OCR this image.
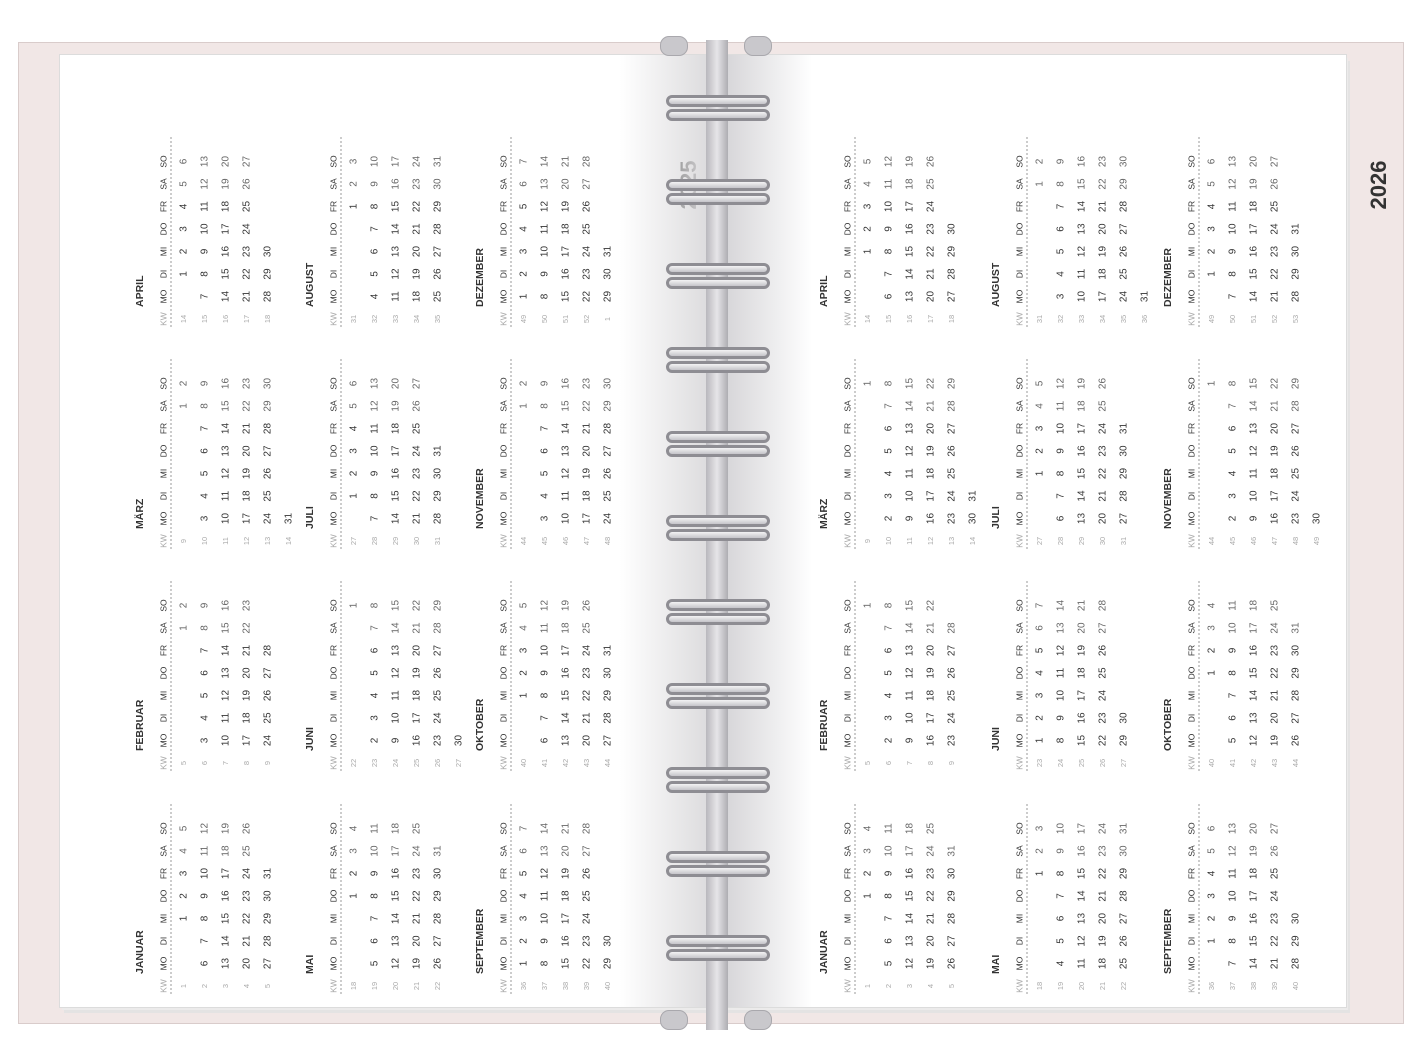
JANUAR
KW
MO
DI
MI
DO
FR
SA
SO
1
1
2
3
4
5
2
6
7
8
9
10
11
12
3
13
14
15
16
17
18
19
4
20
21
22
23
24
25
26
5
27
28
29
30
31
FEBRUAR
KW
MO
DI
MI
DO
FR
SA
SO
5
1
2
6
3
4
5
6
7
8
9
7
10
11
12
13
14
15
16
8
17
18
19
20
21
22
23
9
24
25
26
27
28
MÄRZ
KW
MO
DI
MI
DO
FR
SA
SO
9
1
2
10
3
4
5
6
7
8
9
11
10
11
12
13
14
15
16
12
17
18
19
20
21
22
23
13
24
25
26
27
28
29
30
14
31
APRIL
KW
MO
DI
MI
DO
FR
SA
SO
14
1
2
3
4
5
6
15
7
8
9
10
11
12
13
16
14
15
16
17
18
19
20
17
21
22
23
24
25
26
27
18
28
29
30
MAI
KW
MO
DI
MI
DO
FR
SA
SO
18
1
2
3
4
19
5
6
7
8
9
10
11
20
12
13
14
15
16
17
18
21
19
20
21
22
23
24
25
22
26
27
28
29
30
31
JUNI
KW
MO
DI
MI
DO
FR
SA
SO
22
1
23
2
3
4
5
6
7
8
24
9
10
11
12
13
14
15
25
16
17
18
19
20
21
22
26
23
24
25
26
27
28
29
27
30
JULI
KW
MO
DI
MI
DO
FR
SA
SO
27
1
2
3
4
5
6
28
7
8
9
10
11
12
13
29
14
15
16
17
18
19
20
30
21
22
23
24
25
26
27
31
28
29
30
31
AUGUST
KW
MO
DI
MI
DO
FR
SA
SO
31
1
2
3
32
4
5
6
7
8
9
10
33
11
12
13
14
15
16
17
34
18
19
20
21
22
23
24
35
25
26
27
28
29
30
31
SEPTEMBER
KW
MO
DI
MI
DO
FR
SA
SO
36
1
2
3
4
5
6
7
37
8
9
10
11
12
13
14
38
15
16
17
18
19
20
21
39
22
23
24
25
26
27
28
40
29
30
OKTOBER
KW
MO
DI
MI
DO
FR
SA
SO
40
1
2
3
4
5
41
6
7
8
9
10
11
12
42
13
14
15
16
17
18
19
43
20
21
22
23
24
25
26
44
27
28
29
30
31
NOVEMBER
KW
MO
DI
MI
DO
FR
SA
SO
44
1
2
45
3
4
5
6
7
8
9
46
10
11
12
13
14
15
16
47
17
18
19
20
21
22
23
48
24
25
26
27
28
29
30
DEZEMBER
KW
MO
DI
MI
DO
FR
SA
SO
49
1
2
3
4
5
6
7
50
8
9
10
11
12
13
14
51
15
16
17
18
19
20
21
52
22
23
24
25
26
27
28
1
29
30
31
2026
JANUAR
KW
MO
DI
MI
DO
FR
SA
SO
1
1
2
3
4
2
5
6
7
8
9
10
11
3
12
13
14
15
16
17
18
4
19
20
21
22
23
24
25
5
26
27
28
29
30
31
FEBRUAR
KW
MO
DI
MI
DO
FR
SA
SO
5
1
6
2
3
4
5
6
7
8
7
9
10
11
12
13
14
15
8
16
17
18
19
20
21
22
9
23
24
25
26
27
28
MÄRZ
KW
MO
DI
MI
DO
FR
SA
SO
9
1
10
2
3
4
5
6
7
8
11
9
10
11
12
13
14
15
12
16
17
18
19
20
21
22
13
23
24
25
26
27
28
29
14
30
31
APRIL
KW
MO
DI
MI
DO
FR
SA
SO
14
1
2
3
4
5
15
6
7
8
9
10
11
12
16
13
14
15
16
17
18
19
17
20
21
22
23
24
25
26
18
27
28
29
30
MAI
KW
MO
DI
MI
DO
FR
SA
SO
18
1
2
3
19
4
5
6
7
8
9
10
20
11
12
13
14
15
16
17
21
18
19
20
21
22
23
24
22
25
26
27
28
29
30
31
JUNI
KW
MO
DI
MI
DO
FR
SA
SO
23
1
2
3
4
5
6
7
24
8
9
10
11
12
13
14
25
15
16
17
18
19
20
21
26
22
23
24
25
26
27
28
27
29
30
JULI
KW
MO
DI
MI
DO
FR
SA
SO
27
1
2
3
4
5
28
6
7
8
9
10
11
12
29
13
14
15
16
17
18
19
30
20
21
22
23
24
25
26
31
27
28
29
30
31
AUGUST
KW
MO
DI
MI
DO
FR
SA
SO
31
1
2
32
3
4
5
6
7
8
9
33
10
11
12
13
14
15
16
34
17
18
19
20
21
22
23
35
24
25
26
27
28
29
30
36
31
SEPTEMBER
KW
MO
DI
MI
DO
FR
SA
SO
36
1
2
3
4
5
6
37
7
8
9
10
11
12
13
38
14
15
16
17
18
19
20
39
21
22
23
24
25
26
27
40
28
29
30
OKTOBER
KW
MO
DI
MI
DO
FR
SA
SO
40
1
2
3
4
41
5
6
7
8
9
10
11
42
12
13
14
15
16
17
18
43
19
20
21
22
23
24
25
44
26
27
28
29
30
31
NOVEMBER
KW
MO
DI
MI
DO
FR
SA
SO
44
1
45
2
3
4
5
6
7
8
46
9
10
11
12
13
14
15
47
16
17
18
19
20
21
22
48
23
24
25
26
27
28
29
49
30
DEZEMBER
KW
MO
DI
MI
DO
FR
SA
SO
49
1
2
3
4
5
6
50
7
8
9
10
11
12
13
51
14
15
16
17
18
19
20
52
21
22
23
24
25
26
27
53
28
29
30
31
